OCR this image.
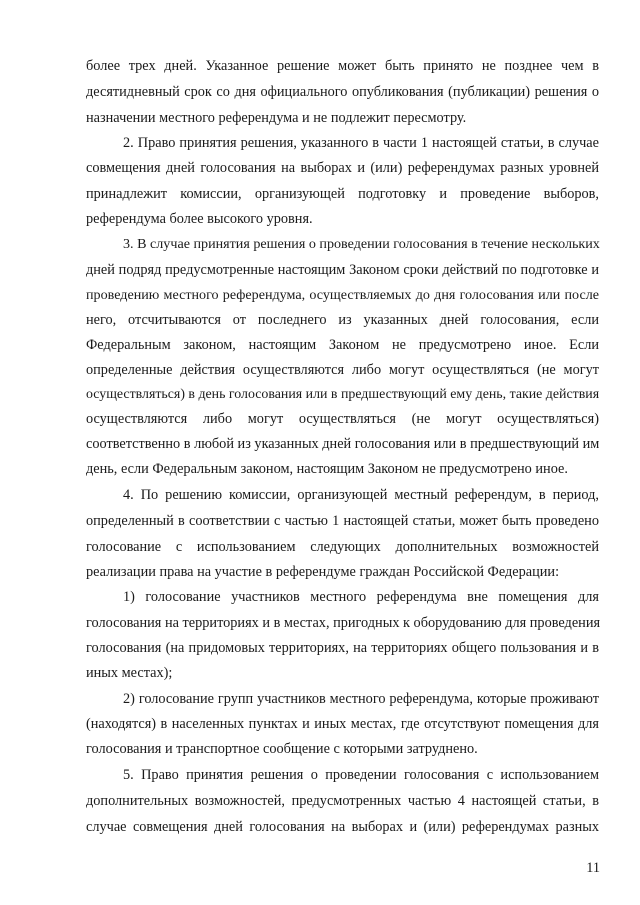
более трех дней. Указанное решение может быть принято не позднее чем в
десятидневный срок со дня официального опубликования (публикации) решения о
назначении местного референдума и не подлежит пересмотру.
2. Право принятия решения, указанного в части 1 настоящей статьи, в случае
совмещения дней голосования на выборах и (или) референдумах разных уровней
принадлежит комиссии, организующей подготовку и проведение выборов,
референдума более высокого уровня.
3. В случае принятия решения о проведении голосования в течение нескольких
дней подряд предусмотренные настоящим Законом сроки действий по подготовке и
проведению местного референдума, осуществляемых до дня голосования или после
него, отсчитываются от последнего из указанных дней голосования, если
Федеральным законом, настоящим Законом не предусмотрено иное. Если
определенные действия осуществляются либо могут осуществляться (не могут
осуществляться) в день голосования или в предшествующий ему день, такие действия
осуществляются либо могут осуществляться (не могут осуществляться)
соответственно в любой из указанных дней голосования или в предшествующий им
день, если Федеральным законом, настоящим Законом не предусмотрено иное.
4. По решению комиссии, организующей местный референдум, в период,
определенный в соответствии с частью 1 настоящей статьи, может быть проведено
голосование с использованием следующих дополнительных возможностей
реализации права на участие в референдуме граждан Российской Федерации:
1) голосование участников местного референдума вне помещения для
голосования на территориях и в местах, пригодных к оборудованию для проведения
голосования (на придомовых территориях, на территориях общего пользования и в
иных местах);
2) голосование групп участников местного референдума, которые проживают
(находятся) в населенных пунктах и иных местах, где отсутствуют помещения для
голосования и транспортное сообщение с которыми затруднено.
5. Право принятия решения о проведении голосования с использованием
дополнительных возможностей, предусмотренных частью 4 настоящей статьи, в
случае совмещения дней голосования на выборах и (или) референдумах разных
11
